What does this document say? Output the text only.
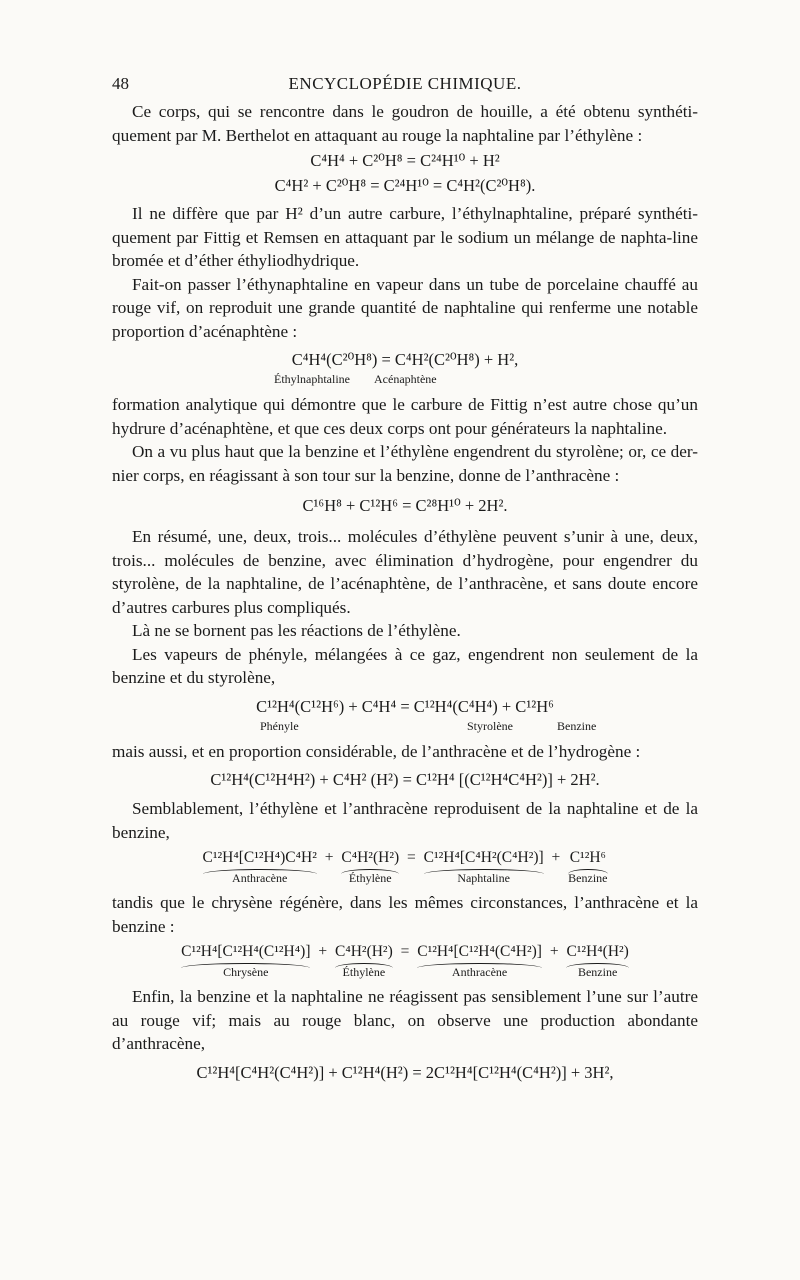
48	ENCYCLOPÉDIE CHIMIQUE.

Ce corps, qui se rencontre dans le goudron de houille, a été obtenu synthéti-quement par M. Berthelot en attaquant au rouge la naphtaline par l’éthylène :

C⁴H⁴ + C²⁰H⁸ = C²⁴H¹⁰ + H²
C⁴H² + C²⁰H⁸ = C²⁴H¹⁰ = C⁴H²(C²⁰H⁸).

Il ne diffère que par H² d’un autre carbure, l’éthylnaphtaline, préparé synthéti-quement par Fittig et Remsen en attaquant par le sodium un mélange de naphta-line bromée et d’éther éthyliodhydrique.

Fait-on passer l’éthynaphtaline en vapeur dans un tube de porcelaine chauffé au rouge vif, on reproduit une grande quantité de naphtaline qui renferme une notable proportion d’acénaphtène :

C⁴H⁴(C²⁰H⁸) = C⁴H²(C²⁰H⁸) + H²,
Éthylnaphtaline Acénaphtène

formation analytique qui démontre que le carbure de Fittig n’est autre chose qu’un hydrure d’acénaphtène, et que ces deux corps ont pour générateurs la naphtaline.

On a vu plus haut que la benzine et l’éthylène engendrent du styrolène; or, ce der-nier corps, en réagissant à son tour sur la benzine, donne de l’anthracène :

C¹⁶H⁸ + C¹²H⁶ = C²⁸H¹⁰ + 2H².

En résumé, une, deux, trois... molécules d’éthylène peuvent s’unir à une, deux, trois... molécules de benzine, avec élimination d’hydrogène, pour engendrer du styrolène, de la naphtaline, de l’acénaphtène, de l’anthracène, et sans doute encore d’autres carbures plus compliqués.

Là ne se bornent pas les réactions de l’éthylène.

Les vapeurs de phényle, mélangées à ce gaz, engendrent non seulement de la benzine et du styrolène,

C¹²H⁴(C¹²H⁶) + C⁴H⁴ = C¹²H⁴(C⁴H⁴) + C¹²H⁶
Phényle	Styrolène	Benzine

mais aussi, et en proportion considérable, de l’anthracène et de l’hydrogène :

C¹²H⁴(C¹²H⁴H²) + C⁴H² (H²) = C¹²H⁴ [(C¹²H⁴C⁴H²)] + 2H².

Semblablement, l’éthylène et l’anthracène reproduisent de la naphtaline et de la benzine,

C¹²H⁴[C¹²H⁴)C⁴H²
Anthracène
+ C⁴H²(H²)
Éthylène
= C¹²H⁴[C⁴H²(C⁴H²)]
Naphtaline
+ C¹²H⁶
Benzine

tandis que le chrysène régénère, dans les mêmes circonstances, l’anthracène et la benzine :

C¹²H⁴[C¹²H⁴(C¹²H⁴)]
Chrysène
+ C⁴H²(H²)
Éthylène
= C¹²H⁴[C¹²H⁴(C⁴H²)]
Anthracène
+ C¹²H⁴(H²)
Benzine

Enfin, la benzine et la naphtaline ne réagissent pas sensiblement l’une sur l’autre au rouge vif; mais au rouge blanc, on observe une production abondante d’anthracène,

C¹²H⁴[C⁴H²(C⁴H²)] + C¹²H⁴(H²) = 2C¹²H⁴[C¹²H⁴(C⁴H²)] + 3H²,
